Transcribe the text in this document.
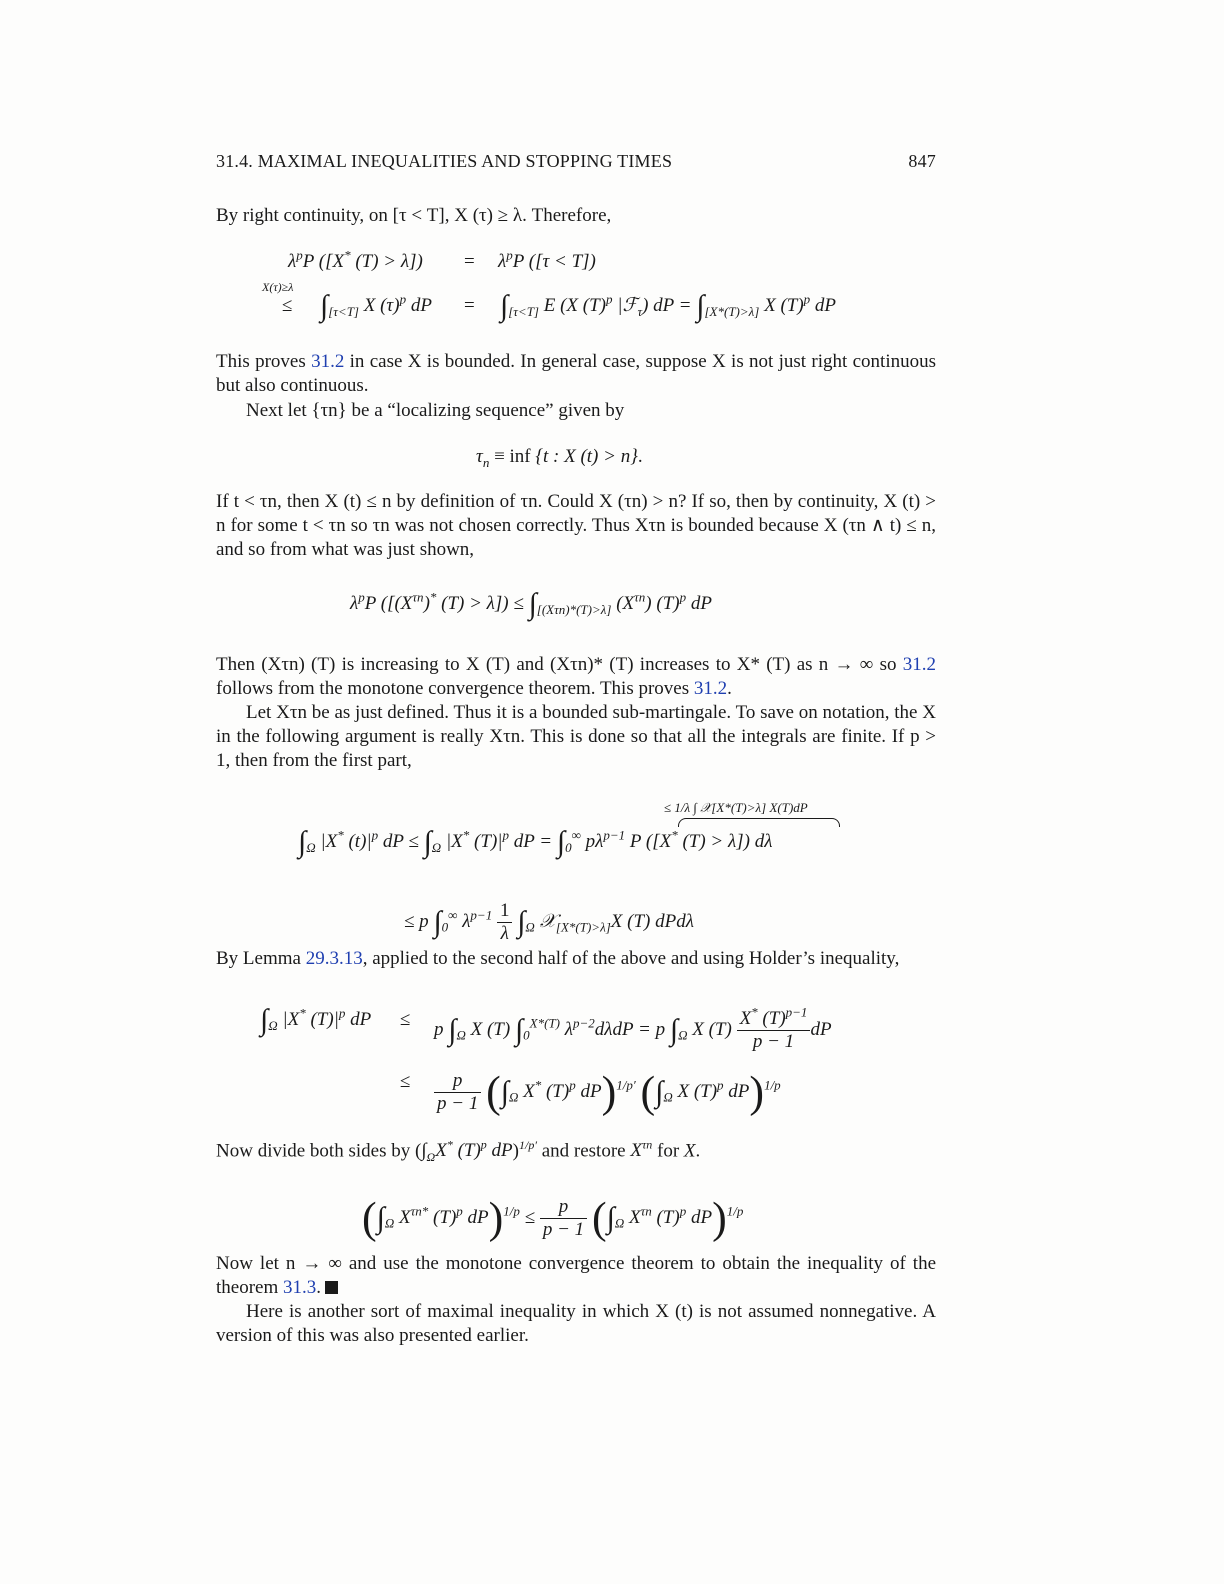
31.4. MAXIMAL INEQUALITIES AND STOPPING TIMES	847
By right continuity, on [τ < T], X (τ) ≥ λ. Therefore,
$\lambda^pP$ ([X* $(T) > \lambda]) = \lambda^pP$ ([τ < T])
X(τ)≥λ
≤ $\int_{[\tau<T]}$ X $(\tau)^p$ dP = $\int_{[\tau<T]}$ E (X $(T)^p$ |ℱ$_\tau$) dP = $\int_{[X*(T)>\lambda]}$ X $(T)^p$ dP
This proves 31.2 in case X is bounded. In general case, suppose X is not just right continuous but also continuous.
Next let {τn} be a “localizing sequence” given by
$\tau_n$ ≡ inf {t : X (t) > n}.
If t < τn, then X (t) ≤ n by definition of τn. Could X (τn) > n? If so, then by continuity, X (t) > n for some t < τn so τn was not chosen correctly. Thus Xτn is bounded because X (τn ∧ t) ≤ n, and so from what was just shown,
$\lambda^pP$ ([$(X^{\tau n})^*$ $(T) > \lambda]) \le \int_{[(X\tau n)*(T)>\lambda]}$ $(X^{\tau n})$ $(T)^p$ dP
Then (Xτn) (T) is increasing to X (T) and (Xτn)* (T) increases to X* (T) as n → ∞ so 31.2 follows from the monotone convergence theorem. This proves 31.2.
Let Xτn be as just defined. Thus it is a bounded sub-martingale. To save on notation, the X in the following argument is really Xτn. This is done so that all the integrals are finite. If p > 1, then from the first part,
≤ 1/λ ∫ 𝒳[X*(T)>λ] X(T)dP
$\int_\Omega$ |X* $(t)|^p$ dP ≤ $\int_\Omega$ |X* $(T)|^p$ dP = $\int_0^\infty$ $p\lambda^{p-1}$ P ([X* (T) > λ]) dλ
≤ p $\int_0^\infty$ $\lambda^{p-1} \frac{1}{\lambda} \int_\Omega$ 𝒳$_{[X*(T)>\lambda]}$X (T) dPdλ
By Lemma 29.3.13, applied to the second half of the above and using Holder’s inequality,
$\int_\Omega$ |X* $(T)|^p$ dP ≤ p $\int_\Omega$ X (T) $\int_0^{X*(T)}$ $\lambda^{p-2}d\lambda dP = p$ $\int_\Omega$ X $(T) \frac{X^* (T)^{p-1}}{p - 1}$ dP
≤ $\frac{p}{p - 1} (\int_\Omega$ X* $(T)^p$ dP)$^{1/p'}$ ($\int_\Omega$ X $(T)^p$ dP)$^{1/p}$
Now divide both sides by ($\int_\Omega X^*$ $(T)^p$ dP)$^{1/p'}$ and restore $X^{\tau n}$ for X.
($\int_\Omega$ $X^{\tau n*}$ $(T)^p$ $dP)^{1/p} \le \frac{p}{p - 1} (\int_\Omega$ $X^{\tau n}$ $(T)^p$ dP)$^{1/p}$
Now let n → ∞ and use the monotone convergence theorem to obtain the inequality of the theorem 31.3.
Here is another sort of maximal inequality in which X (t) is not assumed nonnegative. A version of this was also presented earlier.
